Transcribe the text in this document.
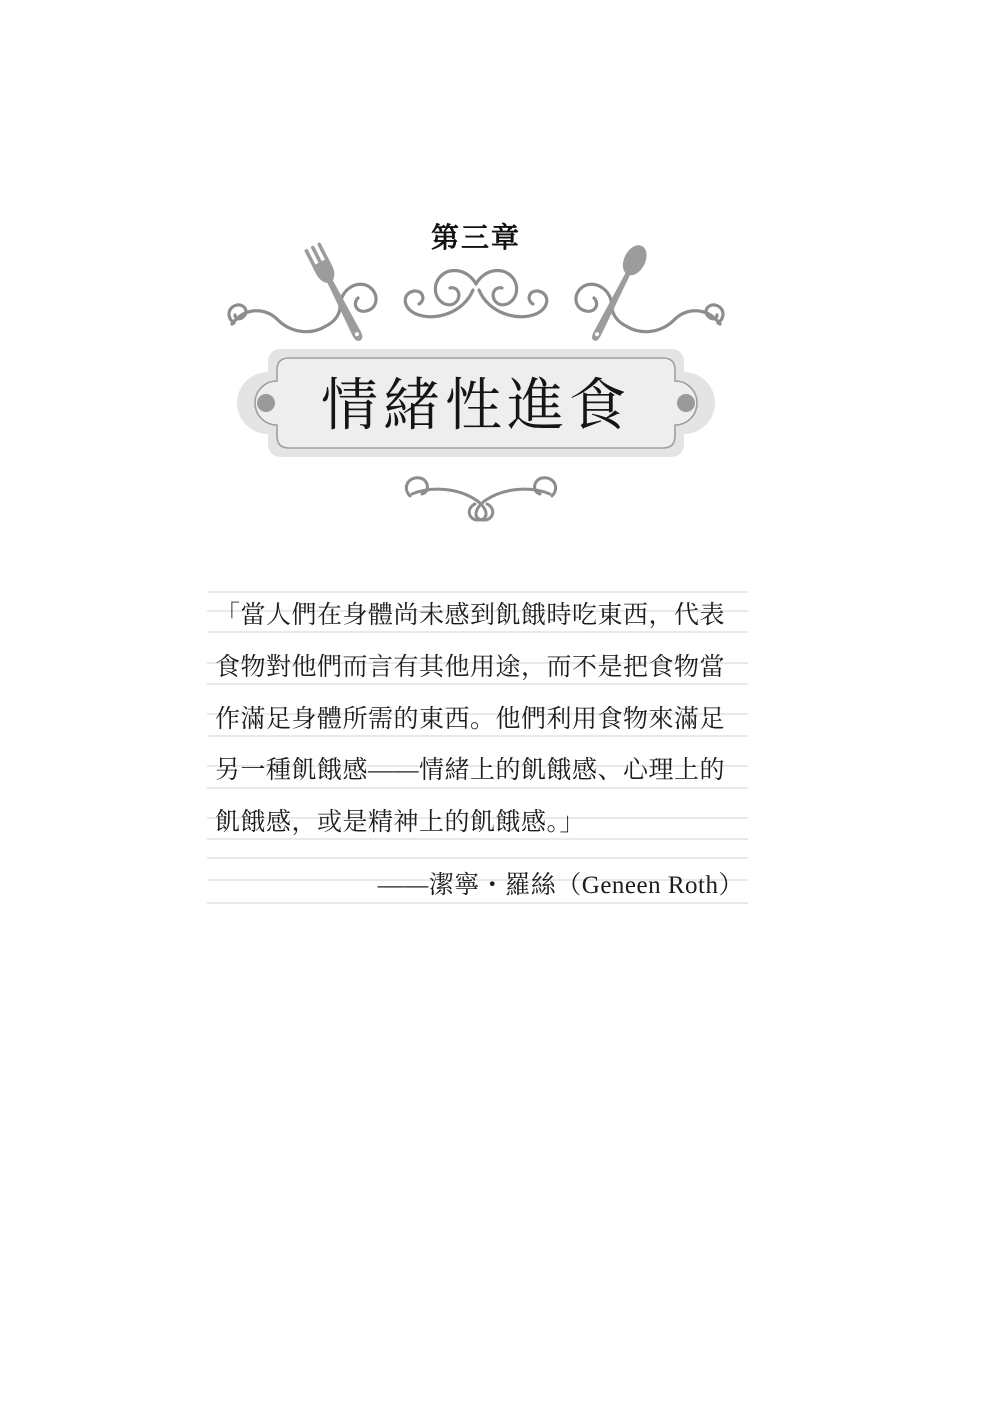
第三章
情緒性進食
「當人們在身體尚未感到飢餓時吃東西，代表
食物對他們而言有其他用途，而不是把食物當
作滿足身體所需的東西。他們利用食物來滿足
另一種飢餓感——情緒上的飢餓感、心理上的
飢餓感，或是精神上的飢餓感。」
——潔寧・羅絲（Geneen Roth）
